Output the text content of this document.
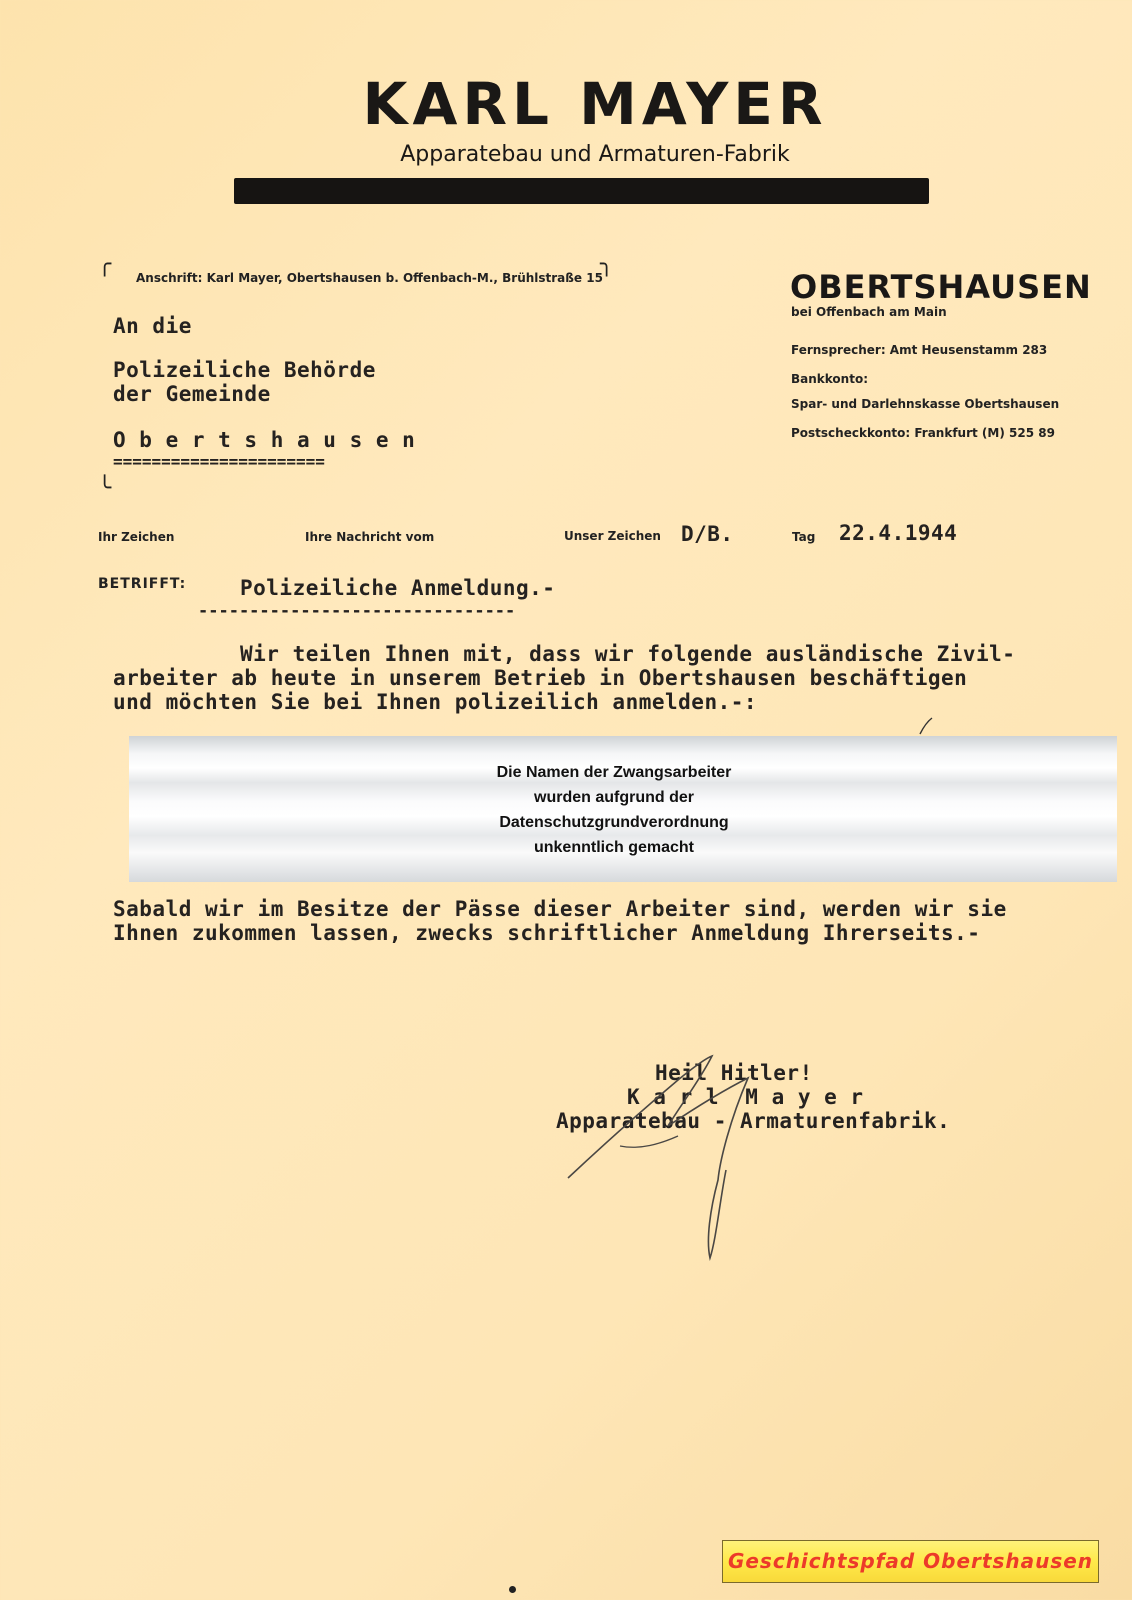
KARL MAYER
Apparatebau und Armaturen-Fabrik
╭	╮
╰
Anschrift: Karl Mayer, Obertshausen b. Offenbach-M., Brühlstraße 15	OBERTSHAUSEN
bei Offenbach am Main
Fernsprecher: Amt Heusenstamm 283
Bankkonto:
Spar- und Darlehnskasse Obertshausen
Postscheckkonto: Frankfurt (M) 525 89
An die
Polizeiliche Behörde
der Gemeinde
O b e r t s h a u s e n
======================
Ihr Zeichen	Ihre Nachricht vom	Unser Zeichen D/B.	Tag 22.4.1944
BETRIFFT:	Polizeiliche Anmeldung.-
-------------------------------
Wir teilen Ihnen mit, dass wir folgende ausländische Zivil-
arbeiter ab heute in unserem Betrieb in Obertshausen beschäftigen
und möchten Sie bei Ihnen polizeilich anmelden.-:
Die Namen der Zwangsarbeiter
wurden aufgrund der
Datenschutzgrundverordnung
unkenntlich gemacht
Sabald wir im Besitze der Pässe dieser Arbeiter sind, werden wir sie
Ihnen zukommen lassen, zwecks schriftlicher Anmeldung Ihrerseits.-
Heil Hitler!
K a r l  M a y e r
Apparatebau - Armaturenfabrik.
Geschichtspfad Obertshausen
